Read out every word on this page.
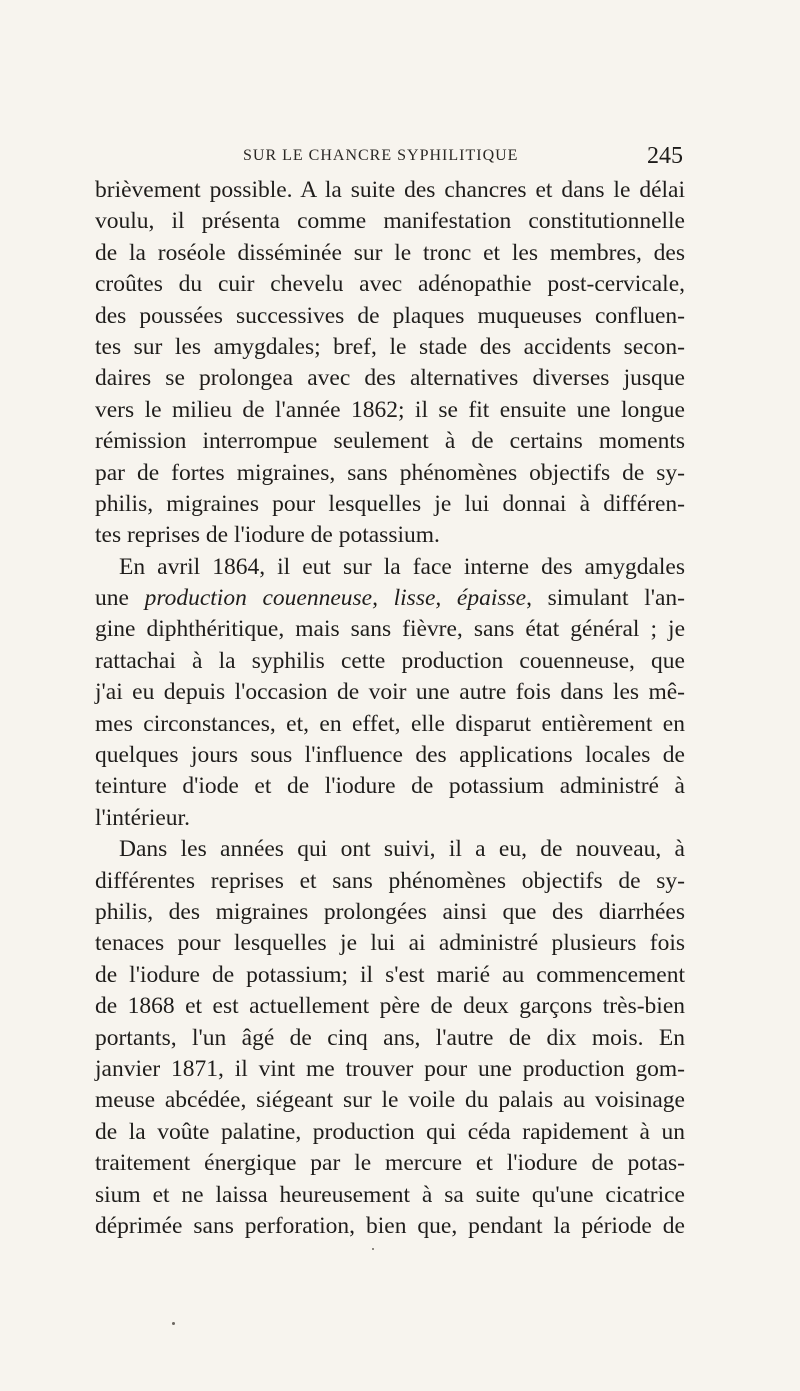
SUR LE CHANCRE SYPHILITIQUE	245
brièvement possible. A la suite des chancres et dans le délai
voulu, il présenta comme manifestation constitutionnelle
de la roséole disséminée sur le tronc et les membres, des
croûtes du cuir chevelu avec adénopathie post-cervicale,
des poussées successives de plaques muqueuses confluen-
tes sur les amygdales; bref, le stade des accidents secon-
daires se prolongea avec des alternatives diverses jusque
vers le milieu de l'année 1862; il se fit ensuite une longue
rémission interrompue seulement à de certains moments
par de fortes migraines, sans phénomènes objectifs de sy-
philis, migraines pour lesquelles je lui donnai à différen-
tes reprises de l'iodure de potassium.
En avril 1864, il eut sur la face interne des amygdales
une production couenneuse, lisse, épaisse, simulant l'an-
gine diphthéritique, mais sans fièvre, sans état général ; je
rattachai à la syphilis cette production couenneuse, que
j'ai eu depuis l'occasion de voir une autre fois dans les mê-
mes circonstances, et, en effet, elle disparut entièrement en
quelques jours sous l'influence des applications locales de
teinture d'iode et de l'iodure de potassium administré à
l'intérieur.
Dans les années qui ont suivi, il a eu, de nouveau, à
différentes reprises et sans phénomènes objectifs de sy-
philis, des migraines prolongées ainsi que des diarrhées
tenaces pour lesquelles je lui ai administré plusieurs fois
de l'iodure de potassium; il s'est marié au commencement
de 1868 et est actuellement père de deux garçons très-bien
portants, l'un âgé de cinq ans, l'autre de dix mois. En
janvier 1871, il vint me trouver pour une production gom-
meuse abcédée, siégeant sur le voile du palais au voisinage
de la voûte palatine, production qui céda rapidement à un
traitement énergique par le mercure et l'iodure de potas-
sium et ne laissa heureusement à sa suite qu'une cicatrice
déprimée sans perforation, bien que, pendant la période de
